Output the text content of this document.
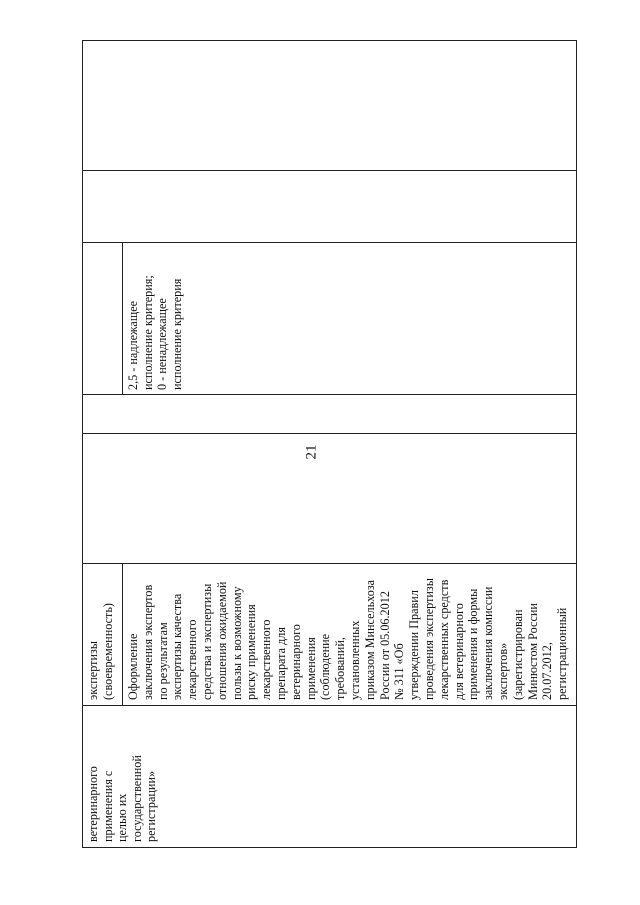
21
ветеринарного применения с целью их государственной регистрации»
экспертизы (своевременность) Оформление заключения экспертов по результатам экспертизы качества лекарственного средства и экспертизы отношения ожидаемой пользы к возможному риску применения лекарственного препарата для ветеринарного применения (соблюдение требований, установленных приказом Минсельхоза России от 05.06.2012 № 311 «Об утверждении Правил проведения экспертизы лекарственных средств для ветеринарного применения и формы заключения комиссии экспертов» (зарегистрирован Минюстом России 20.07.2012, регистрационный
2,5 - надлежащее исполнение критерия; 0 - ненадлежащее исполнение критерия
